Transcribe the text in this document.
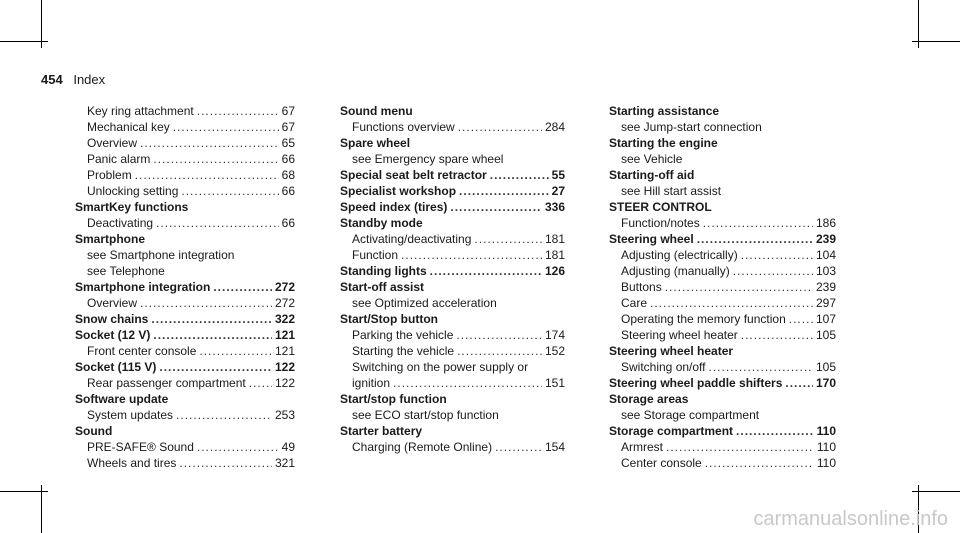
454 Index
Key ring attachment .....	67
Mechanical key .....	67
Overview .....	65
Panic alarm .....	66
Problem .....	68
Unlocking setting .....	66
SmartKey functions
Deactivating .....	66
Smartphone
see Smartphone integration
see Telephone
Smartphone integration .....	272
Overview .....	272
Snow chains .....	322
Socket (12 V) .....	121
Front center console .....	121
Socket (115 V) .....	122
Rear passenger compartment ..... 122
Software update
System updates .....	253
Sound
PRE-SAFE® Sound .....	49
Wheels and tires .....	321
Sound menu
Functions overview .....	284
Spare wheel
see Emergency spare wheel
Special seat belt retractor .....	55
Specialist workshop .....	27
Speed index (tires) .....	336
Standby mode
Activating/deactivating .....	181
Function .....	181
Standing lights .....	126
Start-off assist
see Optimized acceleration
Start/Stop button
Parking the vehicle .....	174
Starting the vehicle .....	152
Switching on the power supply or
ignition .....	151
Start/stop function
see ECO start/stop function
Starter battery
Charging (Remote Online) .....	154
Starting assistance
see Jump-start connection
Starting the engine
see Vehicle
Starting-off aid
see Hill start assist
STEER CONTROL
Function/notes .....	186
Steering wheel .....	239
Adjusting (electrically) .....	104
Adjusting (manually) .....	103
Buttons .....	239
Care .....	297
Operating the memory function .....	107
Steering wheel heater .....	105
Steering wheel heater
Switching on/off .....	105
Steering wheel paddle shifters .....	170
Storage areas
see Storage compartment
Storage compartment .....	110
Armrest .....	110
Center console .....	110
carmanualsonline.info
